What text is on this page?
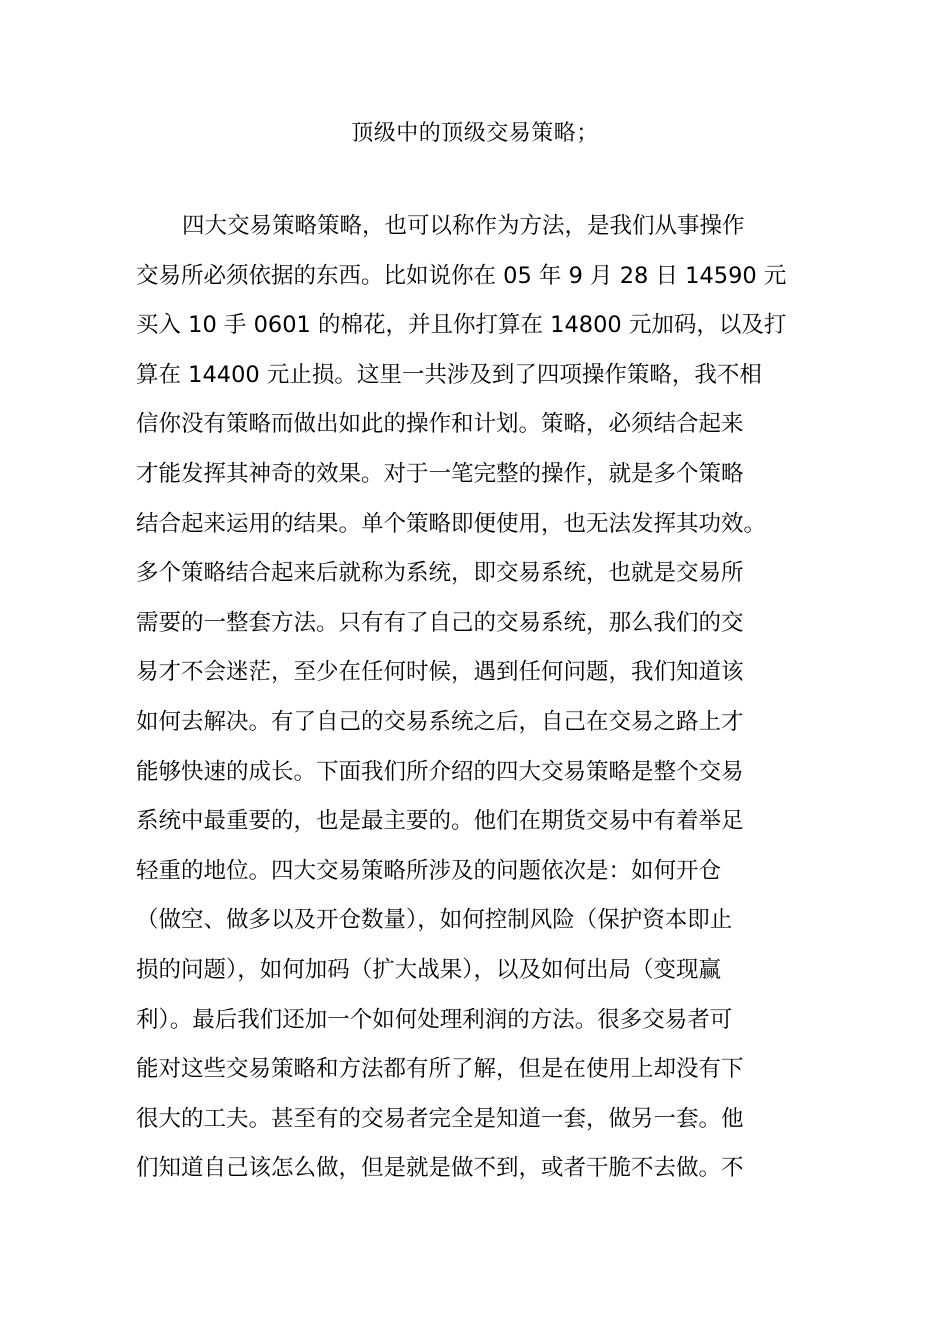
顶级中的顶级交易策略；
四大交易策略策略，也可以称作为方法，是我们从事操作
交易所必须依据的东西。比如说你在 05 年 9 月 28 日 14590 元
买入 10 手 0601 的棉花，并且你打算在 14800 元加码，以及打
算在 14400 元止损。这里一共涉及到了四项操作策略，我不相
信你没有策略而做出如此的操作和计划。策略，必须结合起来
才能发挥其神奇的效果。对于一笔完整的操作，就是多个策略
结合起来运用的结果。单个策略即便使用，也无法发挥其功效。
多个策略结合起来后就称为系统，即交易系统，也就是交易所
需要的一整套方法。只有有了自己的交易系统，那么我们的交
易才不会迷茫，至少在任何时候，遇到任何问题，我们知道该
如何去解决。有了自己的交易系统之后，自己在交易之路上才
能够快速的成长。下面我们所介绍的四大交易策略是整个交易
系统中最重要的，也是最主要的。他们在期货交易中有着举足
轻重的地位。四大交易策略所涉及的问题依次是：如何开仓
（做空、做多以及开仓数量），如何控制风险（保护资本即止
损的问题），如何加码（扩大战果），以及如何出局（变现赢
利）。最后我们还加一个如何处理利润的方法。很多交易者可
能对这些交易策略和方法都有所了解，但是在使用上却没有下
很大的工夫。甚至有的交易者完全是知道一套，做另一套。他
们知道自己该怎么做，但是就是做不到，或者干脆不去做。不
